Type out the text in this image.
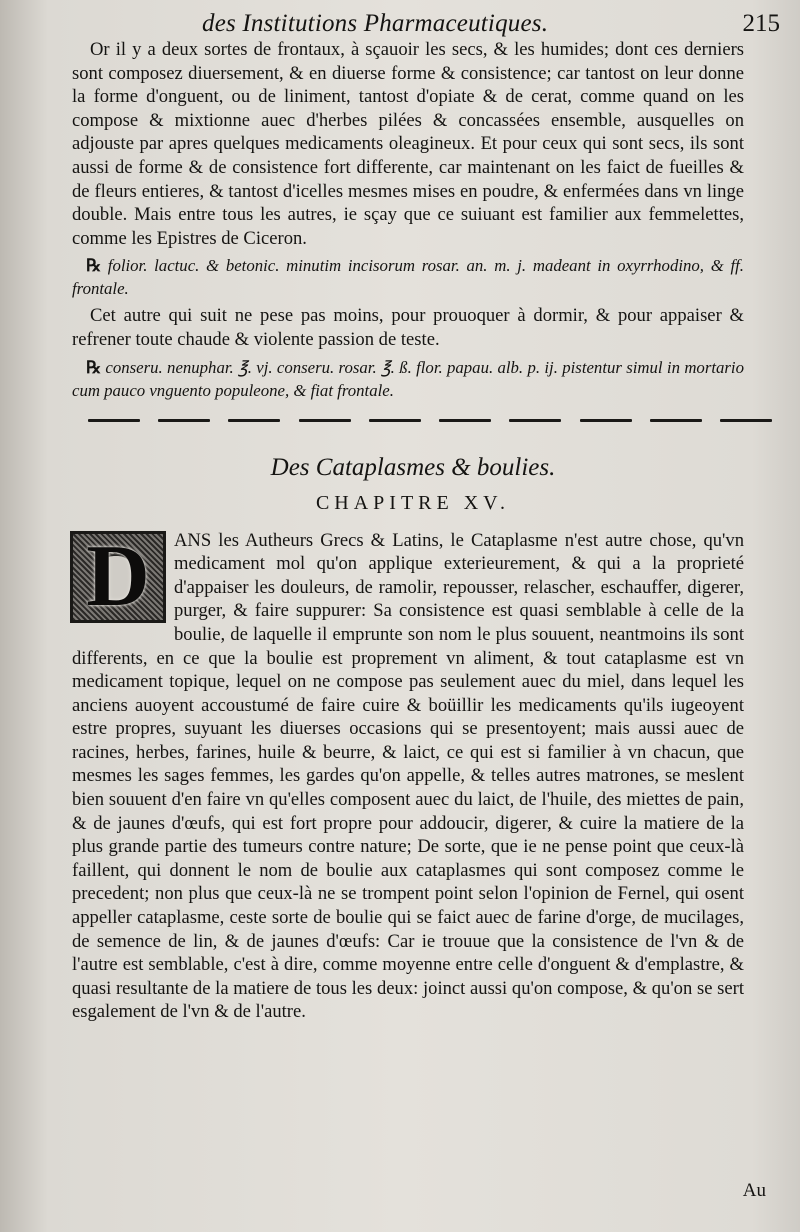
des Institutions Pharmaceutiques.	215

Or il y a deux sortes de frontaux, à sçauoir les secs, & les humides; dont ces derniers sont composez diuersement, & en diuerse forme & consistence; car tantost on leur donne la forme d'onguent, ou de liniment, tantost d'opiate & de cerat, comme quand on les compose & mixtionne auec d'herbes pilées & concassées ensemble, ausquelles on adjouste par apres quelques medicaments oleagineux. Et pour ceux qui sont secs, ils sont aussi de forme & de consistence fort differente, car maintenant on les faict de fueilles & de fleurs entieres, & tantost d'icelles mesmes mises en poudre, & enfermées dans vn linge double. Mais entre tous les autres, ie sçay que ce suiuant est familier aux femmelettes, comme les Epistres de Ciceron.

℞ folior. lactuc. & betonic. minutim incisorum rosar. an. m. j. madeant in oxyrrhodino, & ff. frontale.

Cet autre qui suit ne pese pas moins, pour prouoquer à dormir, & pour appaiser & refrener toute chaude & violente passion de teste.

℞ conseru. nenuphar. ℥. vj. conseru. rosar. ℥. ß. flor. papau. alb. p. ij. pistentur simul in mortario cum pauco vnguento populeone, & fiat frontale.

Des Cataplasmes & boulies.
CHAPITRE XV.
D	ANS les Autheurs Grecs & Latins, le Cataplasme n'est autre chose, qu'vn medicament mol qu'on applique exterieurement, & qui a la proprieté d'appaiser les douleurs, de ramolir, repousser, relascher, eschauffer, digerer, purger, & faire suppurer: Sa consistence est quasi semblable à celle de la boulie, de laquelle il emprunte son nom le plus souuent, neantmoins ils sont differents, en ce que la boulie est proprement vn aliment, & tout cataplasme est vn medicament topique, lequel on ne compose pas seulement auec du miel, dans lequel les anciens auoyent accoustumé de faire cuire & boüillir les medicaments qu'ils iugeoyent estre propres, suyuant les diuerses occasions qui se presentoyent; mais aussi auec de racines, herbes, farines, huile & beurre, & laict, ce qui est si familier à vn chacun, que mesmes les sages femmes, les gardes qu'on appelle, & telles autres matrones, se meslent bien souuent d'en faire vn qu'elles composent auec du laict, de l'huile, des miettes de pain, & de jaunes d'œufs, qui est fort propre pour addoucir, digerer, & cuire la matiere de la plus grande partie des tumeurs contre nature; De sorte, que ie ne pense point que ceux-là faillent, qui donnent le nom de boulie aux cataplasmes qui sont composez comme le precedent; non plus que ceux-là ne se trompent point selon l'opinion de Fernel, qui osent appeller cataplasme, ceste sorte de boulie qui se faict auec de farine d'orge, de mucilages, de semence de lin, & de jaunes d'œufs: Car ie trouue que la consistence de l'vn & de l'autre est semblable, c'est à dire, comme moyenne entre celle d'onguent & d'emplastre, & quasi resultante de la matiere de tous les deux: joinct aussi qu'on compose, & qu'on se sert esgalement de l'vn & de l'autre.

Au
